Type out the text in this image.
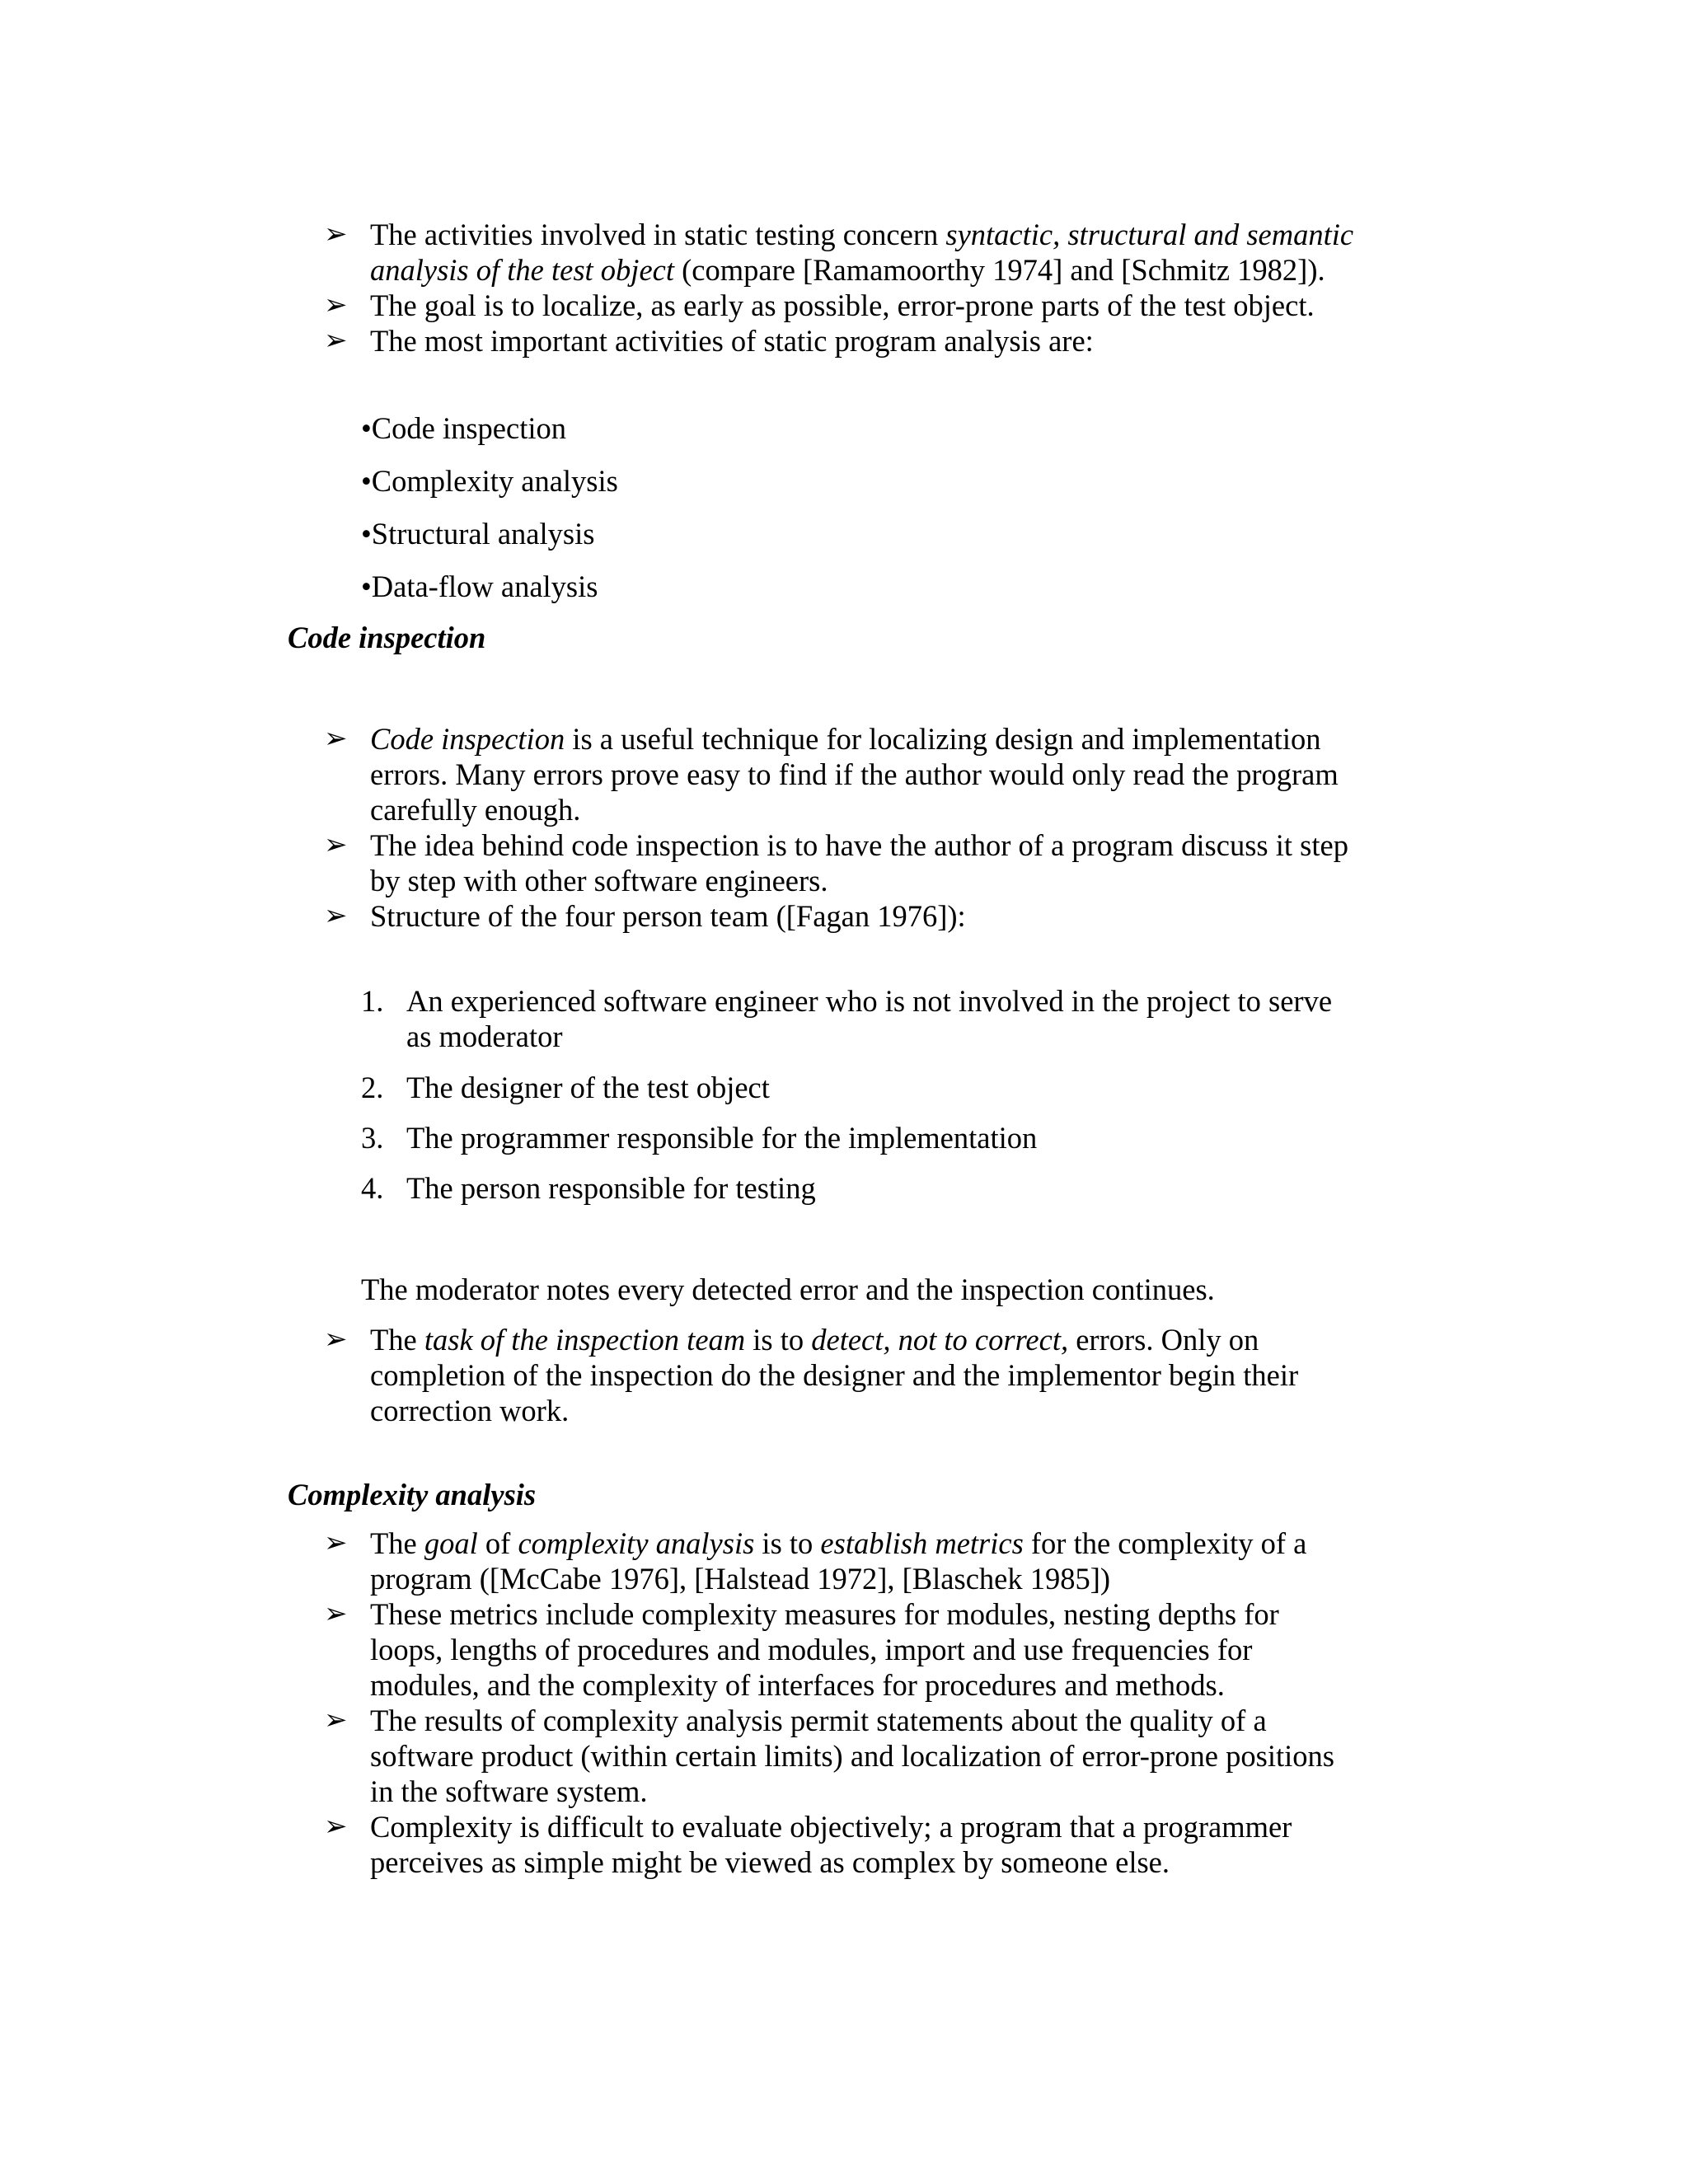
➢ The activities involved in static testing concern syntactic, structural and semantic
analysis of the test object (compare [Ramamoorthy 1974] and [Schmitz 1982]).
➢ The goal is to localize, as early as possible, error-prone parts of the test object.
➢ The most important activities of static program analysis are:
•Code inspection
•Complexity analysis
•Structural analysis
•Data-flow analysis
Code inspection
➢ Code inspection is a useful technique for localizing design and implementation
errors. Many errors prove easy to find if the author would only read the program
carefully enough.
➢ The idea behind code inspection is to have the author of a program discuss it step
by step with other software engineers.
➢ Structure of the four person team ([Fagan 1976]):
1. An experienced software engineer who is not involved in the project to serve
as moderator
2. The designer of the test object
3. The programmer responsible for the implementation
4. The person responsible for testing
The moderator notes every detected error and the inspection continues.
➢ The task of the inspection team is to detect, not to correct, errors. Only on
completion of the inspection do the designer and the implementor begin their
correction work.
Complexity analysis
➢ The goal of complexity analysis is to establish metrics for the complexity of a
program ([McCabe 1976], [Halstead 1972], [Blaschek 1985])
➢ These metrics include complexity measures for modules, nesting depths for
loops, lengths of procedures and modules, import and use frequencies for
modules, and the complexity of interfaces for procedures and methods.
➢ The results of complexity analysis permit statements about the quality of a
software product (within certain limits) and localization of error-prone positions
in the software system.
➢ Complexity is difficult to evaluate objectively; a program that a programmer
perceives as simple might be viewed as complex by someone else.
